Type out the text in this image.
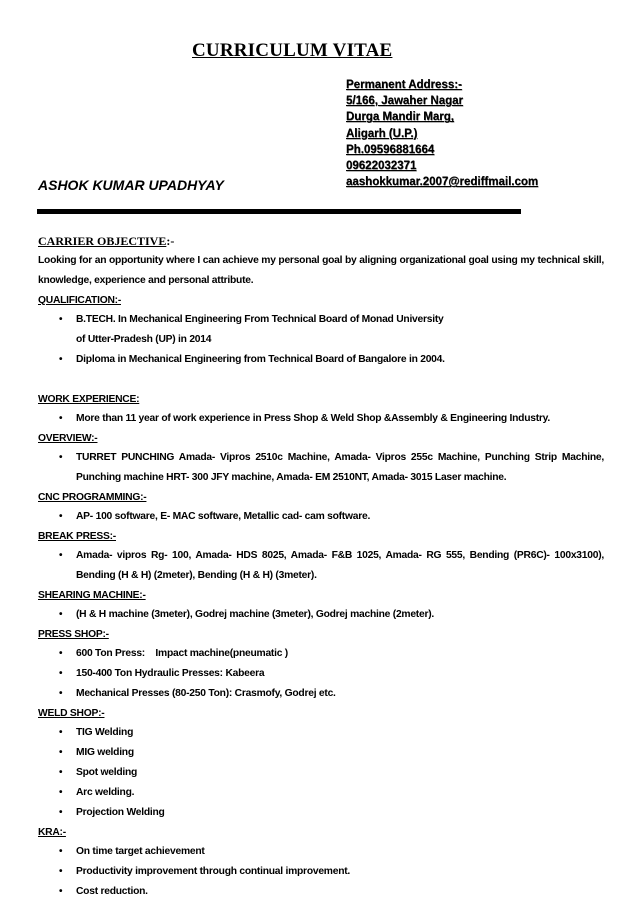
CURRICULUM VITAE
Permanent Address:-
5/166, Jawaher Nagar
Durga Mandir Marg,
Aligarh (U.P.)
Ph.09596881664
09622032371
aashokkumar.2007@rediffmail.com
ASHOK KUMAR UPADHYAY
CARRIER OBJECTIVE:-
Looking for an opportunity where I can achieve my personal goal by aligning organizational goal using my technical skill, knowledge, experience and personal attribute.
QUALIFICATION:-
• B.TECH. In Mechanical Engineering From Technical Board of Monad University
of Utter-Pradesh (UP) in 2014
• Diploma in Mechanical Engineering from Technical Board of Bangalore in 2004.
WORK EXPERIENCE:
• More than 11 year of work experience in Press Shop & Weld Shop &Assembly & Engineering Industry.
OVERVIEW:-
• TURRET PUNCHING Amada- Vipros 2510c Machine, Amada- Vipros 255c Machine, Punching Strip Machine, Punching machine HRT- 300 JFY machine, Amada- EM 2510NT, Amada- 3015 Laser machine.
CNC PROGRAMMING:-
• AP- 100 software, E- MAC software, Metallic cad- cam software.
BREAK PRESS:-
• Amada- vipros Rg- 100, Amada- HDS 8025, Amada- F&B 1025, Amada- RG 555, Bending (PR6C)- 100x3100), Bending (H & H) (2meter), Bending (H & H) (3meter).
SHEARING MACHINE:-
• (H & H machine (3meter), Godrej machine (3meter), Godrej machine (2meter).
PRESS SHOP:-
• 600 Ton Press:    Impact machine(pneumatic )
• 150-400 Ton Hydraulic Presses: Kabeera
• Mechanical Presses (80-250 Ton): Crasmofy, Godrej etc.
WELD SHOP:-
• TIG Welding
• MIG welding
• Spot welding
• Arc welding.
• Projection Welding
KRA:-
• On time target achievement
• Productivity improvement through continual improvement.
• Cost reduction.
